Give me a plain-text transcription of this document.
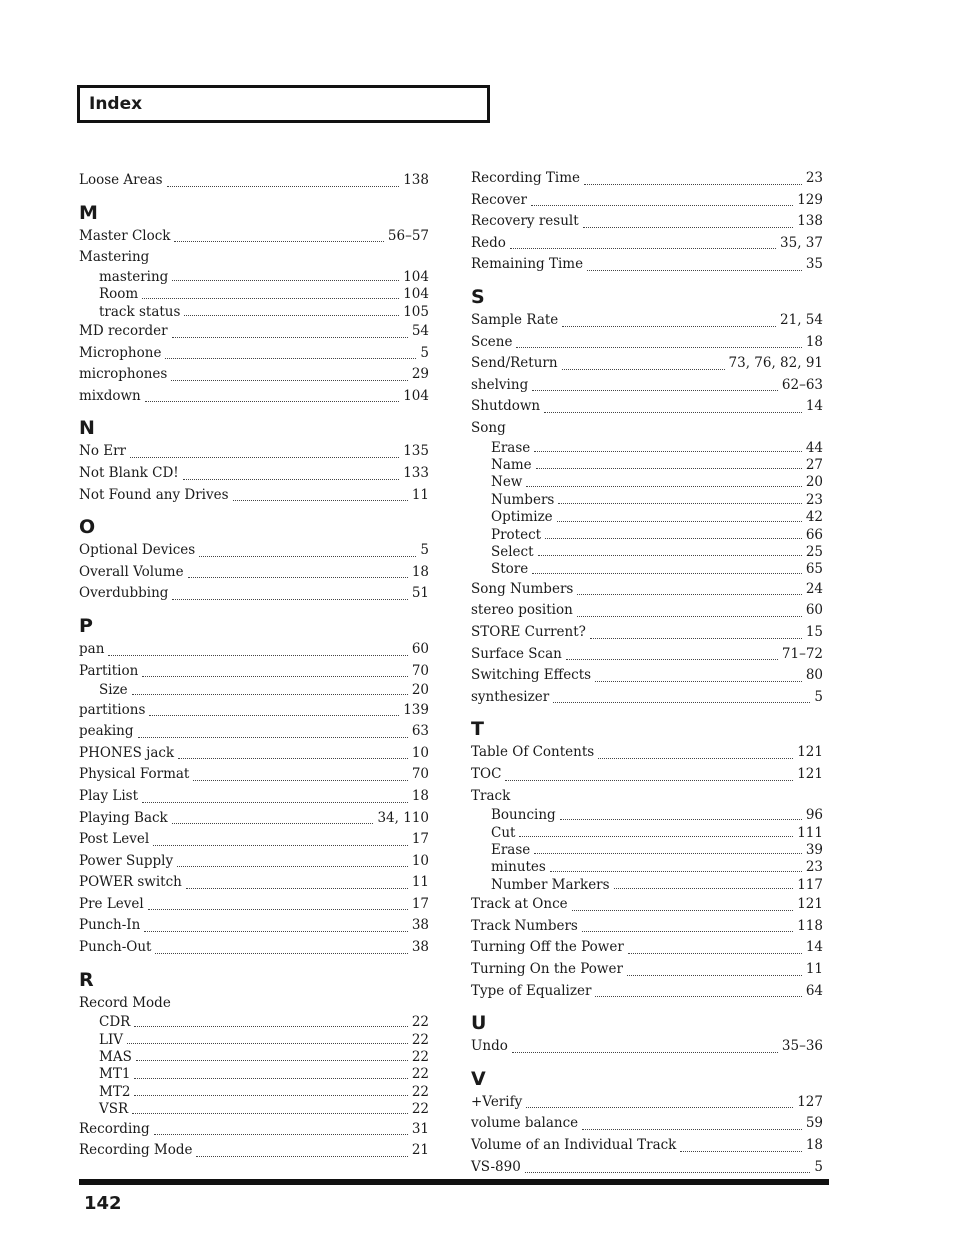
Index
Loose Areas	138
M
Master Clock	56–57
Mastering
mastering	104
Room	104
track status	105
MD recorder	54
Microphone	5
microphones	29
mixdown	104
N
No Err	135
Not Blank CD!	133
Not Found any Drives	11
O
Optional Devices	5
Overall Volume	18
Overdubbing	51
P
pan	60
Partition	70
Size	20
partitions	139
peaking	63
PHONES jack	10
Physical Format	70
Play List	18
Playing Back	34, 110
Post Level	17
Power Supply	10
POWER switch	11
Pre Level	17
Punch-In	38
Punch-Out	38
R
Record Mode
CDR	22
LIV	22
MAS	22
MT1	22
MT2	22
VSR	22
Recording	31
Recording Mode	21
Recording Time	23
Recover	129
Recovery result	138
Redo	35, 37
Remaining Time	35
S
Sample Rate	21, 54
Scene	18
Send/Return	73, 76, 82, 91
shelving	62–63
Shutdown	14
Song
Erase	44
Name	27
New	20
Numbers	23
Optimize	42
Protect	66
Select	25
Store	65
Song Numbers	24
stereo position	60
STORE Current?	15
Surface Scan	71–72
Switching Effects	80
synthesizer	5
T
Table Of Contents	121
TOC	121
Track
Bouncing	96
Cut	111
Erase	39
minutes	23
Number Markers	117
Track at Once	121
Track Numbers	118
Turning Off the Power	14
Turning On the Power	11
Type of Equalizer	64
U
Undo	35–36
V
+Verify	127
volume balance	59
Volume of an Individual Track	18
VS-890	5
142
